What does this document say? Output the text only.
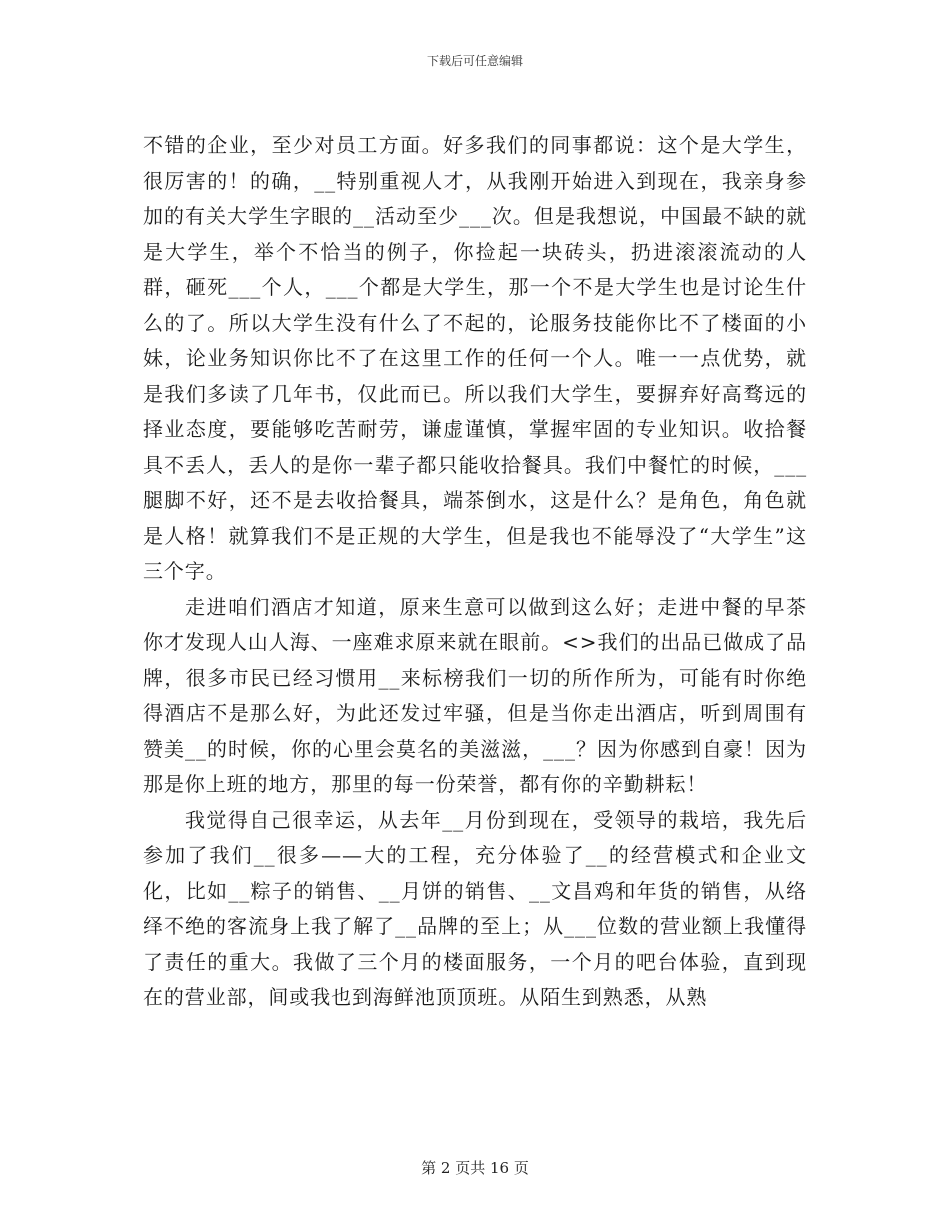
下载后可任意编辑

不错的企业，至少对员工方面。好多我们的同事都说：这个是大学生，很厉害的！的确，__特别重视人才，从我刚开始进入到现在，我亲身参加的有关大学生字眼的__活动至少___次。但是我想说，中国最不缺的就是大学生，举个不恰当的例子，你捡起一块砖头，扔进滚滚流动的人群，砸死___个人，___个都是大学生，那一个不是大学生也是讨论生什么的了。所以大学生没有什么了不起的，论服务技能你比不了楼面的小妹，论业务知识你比不了在这里工作的任何一个人。唯一一点优势，就是我们多读了几年书，仅此而已。所以我们大学生，要摒弃好高骛远的择业态度，要能够吃苦耐劳，谦虚谨慎，掌握牢固的专业知识。收拾餐具不丢人，丢人的是你一辈子都只能收拾餐具。我们中餐忙的时候，___腿脚不好，还不是去收拾餐具，端茶倒水，这是什么？是角色，角色就是人格！就算我们不是正规的大学生，但是我也不能辱没了“大学生”这三个字。

走进咱们酒店才知道，原来生意可以做到这么好；走进中餐的早茶你才发现人山人海、一座难求原来就在眼前。<>我们的出品已做成了品牌，很多市民已经习惯用__来标榜我们一切的所作所为，可能有时你绝得酒店不是那么好，为此还发过牢骚，但是当你走出酒店，听到周围有赞美__的时候，你的心里会莫名的美滋滋，___？因为你感到自豪！因为那是你上班的地方，那里的每一份荣誉，都有你的辛勤耕耘！

我觉得自己很幸运，从去年__月份到现在，受领导的栽培，我先后参加了我们__很多——大的工程，充分体验了__的经营模式和企业文化，比如__粽子的销售、__月饼的销售、__文昌鸡和年货的销售，从络绎不绝的客流身上我了解了__品牌的至上；从___位数的营业额上我懂得了责任的重大。我做了三个月的楼面服务，一个月的吧台体验，直到现在的营业部，间或我也到海鲜池顶顶班。从陌生到熟悉，从熟

第 2 页共 16 页
